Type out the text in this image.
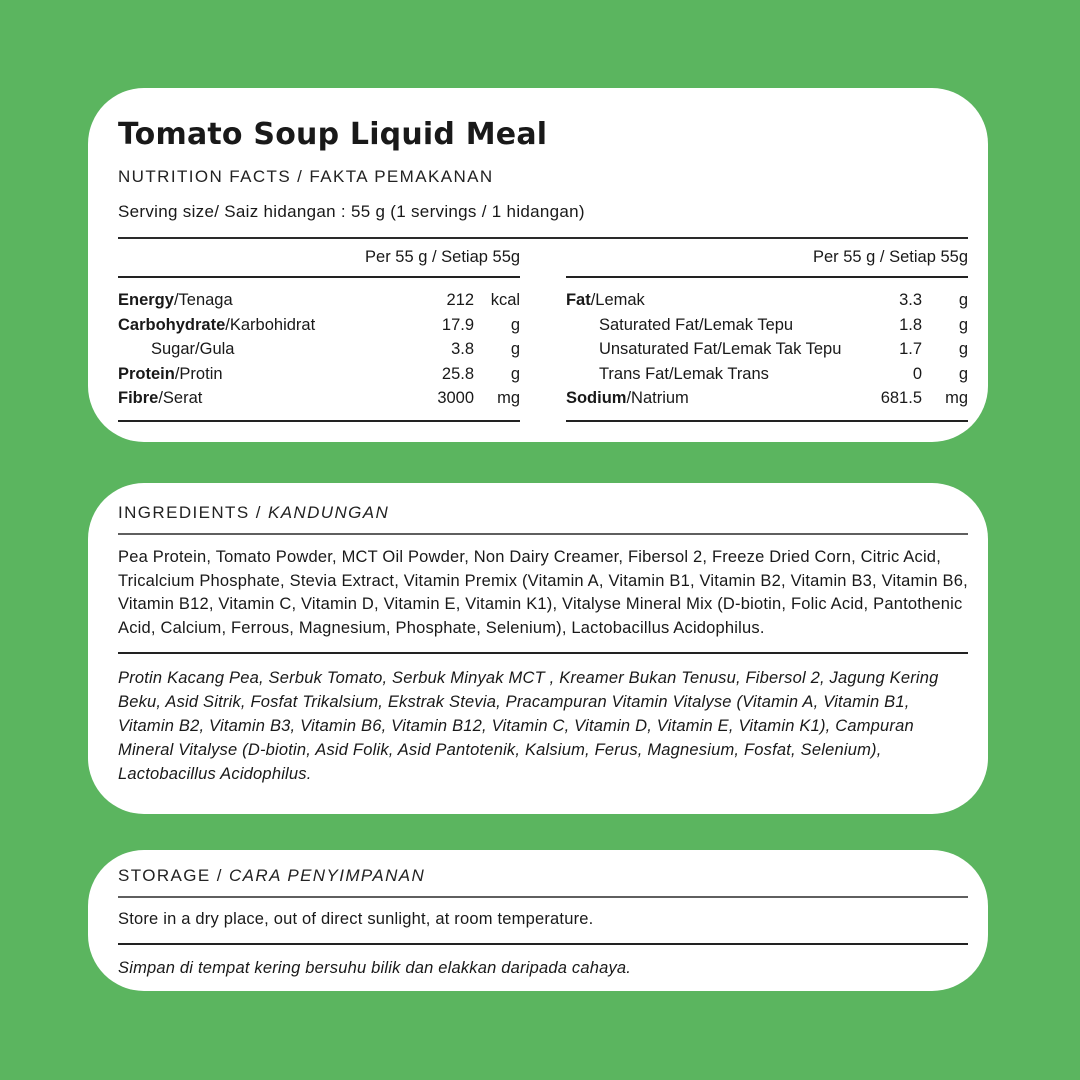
Tomato Soup Liquid Meal
NUTRITION FACTS / FAKTA PEMAKANAN
Serving size/ Saiz hidangan : 55 g (1 servings / 1 hidangan)
Per 55 g / Setiap 55g
Energy/Tenaga	212	kcal
Carbohydrate/Karbohidrat	17.9	g
Sugar/Gula	3.8	g
Protein/Protin	25.8	g
Fibre/Serat	3000	mg
Per 55 g / Setiap 55g
Fat/Lemak	3.3	g
Saturated Fat/Lemak Tepu	1.8	g
Unsaturated Fat/Lemak Tak Tepu	1.7	g
Trans Fat/Lemak Trans	0	g
Sodium/Natrium	681.5	mg
INGREDIENTS / KANDUNGAN

Pea Protein, Tomato Powder, MCT Oil Powder, Non Dairy Creamer, Fibersol 2, Freeze Dried Corn, Citric Acid, Tricalcium Phosphate, Stevia Extract, Vitamin Premix (Vitamin A, Vitamin B1, Vitamin B2, Vitamin B3, Vitamin B6, Vitamin B12, Vitamin C, Vitamin D, Vitamin E, Vitamin K1), Vitalyse Mineral Mix (D-biotin, Folic Acid, Pantothenic Acid, Calcium, Ferrous, Magnesium, Phosphate, Selenium), Lactobacillus Acidophilus.

Protin Kacang Pea, Serbuk Tomato, Serbuk Minyak MCT , Kreamer Bukan Tenusu, Fibersol 2, Jagung Kering Beku, Asid Sitrik, Fosfat Trikalsium, Ekstrak Stevia, Pracampuran Vitamin Vitalyse (Vitamin A, Vitamin B1, Vitamin B2, Vitamin B3, Vitamin B6, Vitamin B12, Vitamin C, Vitamin D, Vitamin E, Vitamin K1), Campuran Mineral Vitalyse (D-biotin, Asid Folik, Asid Pantotenik, Kalsium, Ferus, Magnesium, Fosfat, Selenium), Lactobacillus Acidophilus.

STORAGE / CARA PENYIMPANAN

Store in a dry place, out of direct sunlight, at room temperature.

Simpan di tempat kering bersuhu bilik dan elakkan daripada cahaya.
